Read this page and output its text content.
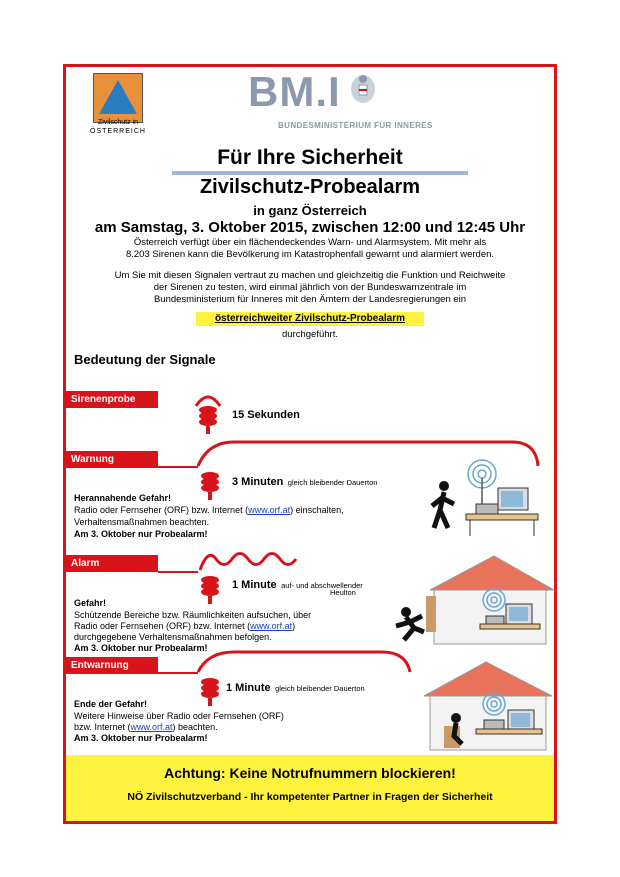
Zivilschutz in
ÖSTERREICH
BM.I
BUNDESMINISTERIUM FÜR INNERES
Für Ihre Sicherheit
Zivilschutz-Probealarm
in ganz Österreich
am Samstag, 3. Oktober 2015, zwischen 12:00 und 12:45 Uhr
Österreich verfügt über ein flächendeckendes Warn- und Alarmsystem. Mit mehr als
8.203 Sirenen kann die Bevölkerung im Katastrophenfall gewarnt und alarmiert werden.
Um Sie mit diesen Signalen vertraut zu machen und gleichzeitig die Funktion und Reichweite
der Sirenen zu testen, wird einmal jährlich von der Bundeswarnzentrale im
Bundesministerium für Inneres mit den Ämtern der Landesregierungen ein
österreichweiter Zivilschutz-Probealarm
durchgeführt.
Bedeutung der Signale
Sirenenprobe
15 Sekunden
Warnung
3 Minuten gleich bleibender Dauerton
Herannahende Gefahr!
Radio oder Fernseher (ORF) bzw. Internet (www.orf.at) einschalten,
Verhaltensmaßnahmen beachten.
Am 3. Oktober nur Probealarm!
Alarm
1 Minute auf- und abschwellender
Heulton
Gefahr!
Schützende Bereiche bzw. Räumlichkeiten aufsuchen, über
Radio oder Fernsehen (ORF) bzw. Internet (www.orf.at)
durchgegebene Verhaltensmaßnahmen befolgen.
Am 3. Oktober nur Probealarm!
Entwarnung
1 Minute gleich bleibender Dauerton
Ende der Gefahr!
Weitere Hinweise über Radio oder Fernsehen (ORF)
bzw. Internet (www.orf.at) beachten.
Am 3. Oktober nur Probealarm!
Achtung: Keine Notrufnummern blockieren!
NÖ Zivilschutzverband - Ihr kompetenter Partner in Fragen der Sicherheit
